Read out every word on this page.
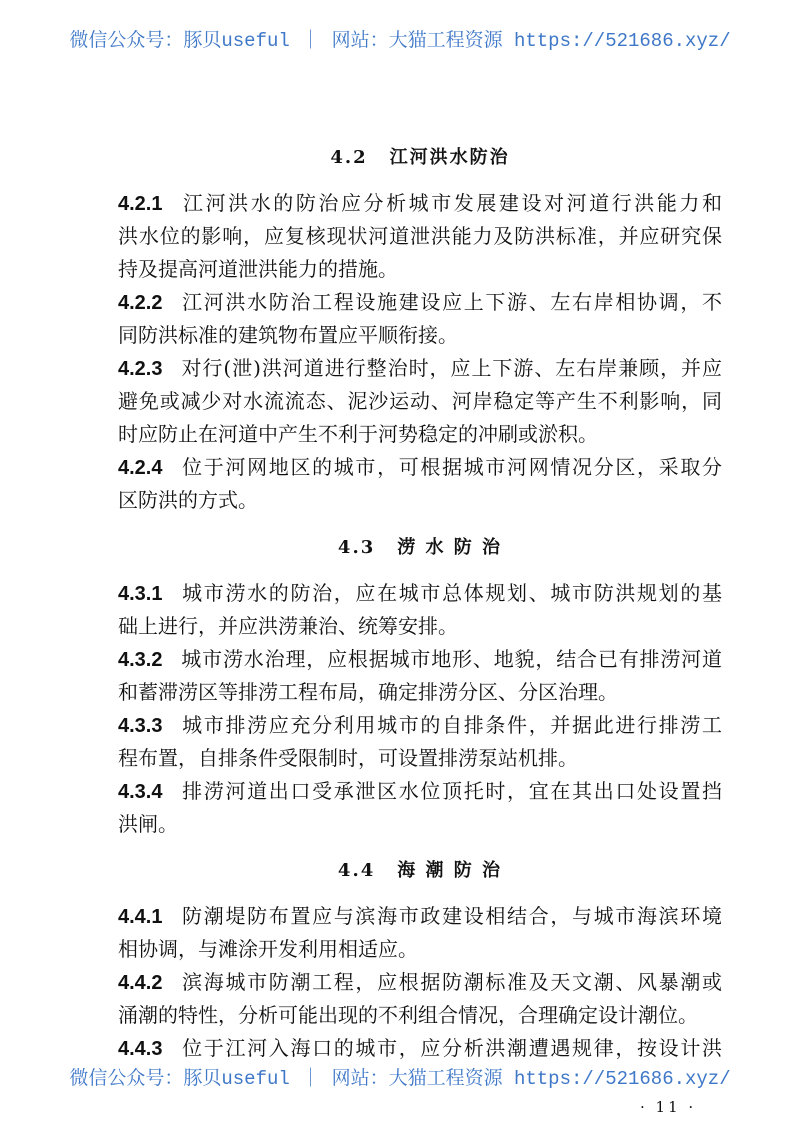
微信公众号：豚贝useful ｜ 网站：大猫工程资源 https://521686.xyz/
4.2 江河洪水防治
4.2.1 江河洪水的防治应分析城市发展建设对河道行洪能力和
洪水位的影响，应复核现状河道泄洪能力及防洪标准，并应研究保
持及提高河道泄洪能力的措施。
4.2.2 江河洪水防治工程设施建设应上下游、左右岸相协调，不
同防洪标准的建筑物布置应平顺衔接。
4.2.3 对行(泄)洪河道进行整治时，应上下游、左右岸兼顾，并应
避免或减少对水流流态、泥沙运动、河岸稳定等产生不利影响，同
时应防止在河道中产生不利于河势稳定的冲刷或淤积。
4.2.4 位于河网地区的城市，可根据城市河网情况分区，采取分
区防洪的方式。
4.3 涝 水 防 治
4.3.1 城市涝水的防治，应在城市总体规划、城市防洪规划的基
础上进行，并应洪涝兼治、统筹安排。
4.3.2 城市涝水治理，应根据城市地形、地貌，结合已有排涝河道
和蓄滞涝区等排涝工程布局，确定排涝分区、分区治理。
4.3.3 城市排涝应充分利用城市的自排条件，并据此进行排涝工
程布置，自排条件受限制时，可设置排涝泵站机排。
4.3.4 排涝河道出口受承泄区水位顶托时，宜在其出口处设置挡
洪闸。
4.4 海 潮 防 治
4.4.1 防潮堤防布置应与滨海市政建设相结合，与城市海滨环境
相协调，与滩涂开发利用相适应。
4.4.2 滨海城市防潮工程，应根据防潮标准及天文潮、风暴潮或
涌潮的特性，分析可能出现的不利组合情况，合理确定设计潮位。
4.4.3 位于江河入海口的城市，应分析洪潮遭遇规律，按设计洪
微信公众号：豚贝useful ｜ 网站：大猫工程资源 https://521686.xyz/
· 11 ·
